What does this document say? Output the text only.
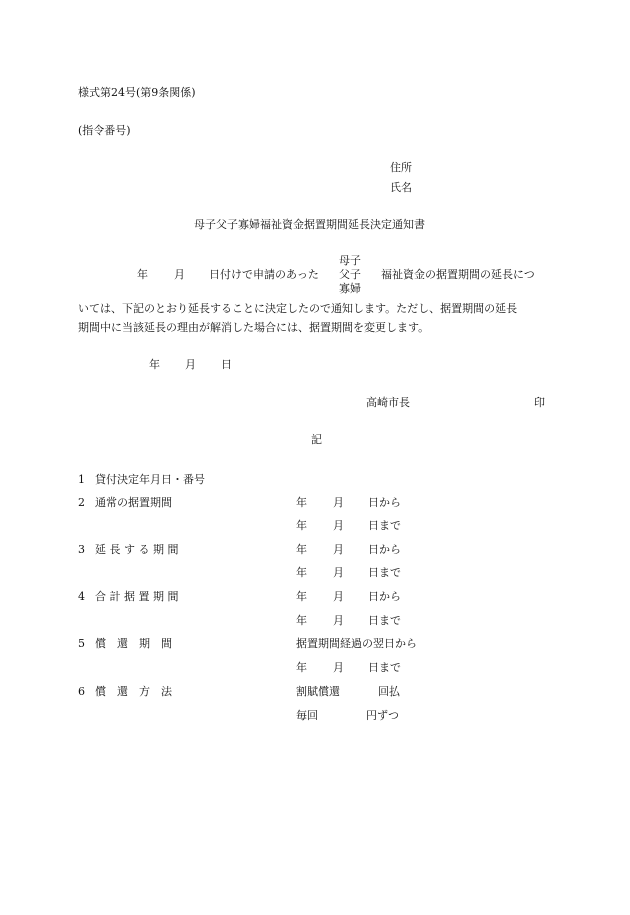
様式第24号(第9条関係)
(指令番号)
住所
氏名
母子父子寡婦福祉資金据置期間延長決定通知書
母子
父子
寡婦
年 月 日付けで申請のあった	福祉資金の据置期間の延長につ
いては、下記のとおり延長することに決定したので通知します。ただし、据置期間の延長
期間中に当該延長の理由が解消した場合には、据置期間を変更します。
年 月 日
高崎市長	印
記
1 貸付決定年月日・番号
2 通常の据置期間	年 月 日から
年 月 日まで
3 延 長 す る 期 間	年 月 日から
年 月 日まで
4 合 計 据 置 期 間	年 月 日から
年 月 日まで
5 償　還　期　間	据置期間経過の翌日から
年 月 日まで
6 償　還　方　法	割賦償還	回払
毎回	円ずつ
